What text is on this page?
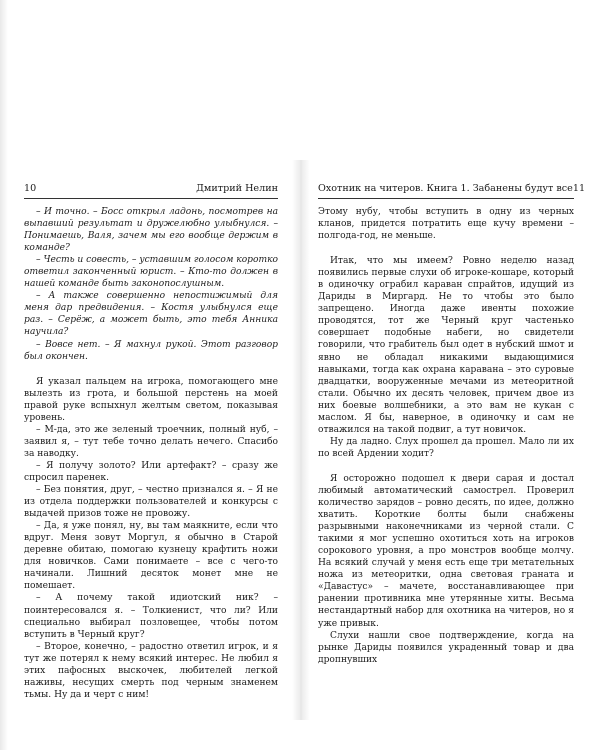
10	Дмитрий Нелин

– И точно. – Босс открыл ладонь, посмотрев на выпавший результат и дружелюбно улыбнулся. – Понимаешь, Валя, зачем мы его вообще держим в команде?

– Честь и совесть, – уставшим голосом коротко ответил законченный юрист. – Кто-то должен в нашей команде быть законопослушным.

– А также совершенно непостижимый для меня дар предвидения. – Костя улыбнулся еще раз. – Серёж, а может быть, это тебя Анника научила?

– Вовсе нет. – Я махнул рукой. Этот разговор был окончен.

Я указал пальцем на игрока, помогающего мне вылезть из грота, и большой перстень на моей правой руке вспыхнул желтым светом, показывая уровень.

– М-да, это же зеленый троечник, полный нуб, – заявил я, – тут тебе точно делать нечего. Спасибо за наводку.

– Я получу золото? Или артефакт? – сразу же спросил паренек.

– Без понятия, друг, – честно признался я. – Я не из отдела поддержки пользователей и конкурсы с выдачей призов тоже не провожу.

– Да, я уже понял, ну, вы там маякните, если что вдруг. Меня зовут Моргул, я обычно в Старой деревне обитаю, помогаю кузнецу крафтить ножи для новичков. Сами понимаете – все с чего-то начинали. Лишний десяток монет мне не помешает.

– А почему такой идиотский ник? – поинтересовался я. – Толкиенист, что ли? Или специально выбирал позловещее, чтобы потом вступить в Черный круг?

– Второе, конечно, – радостно ответил игрок, и я тут же потерял к нему всякий интерес. Не любил я этих пафосных выскочек, любителей легкой наживы, несущих смерть под черным знаменем тьмы. Ну да и черт с ним!

Охотник на читеров. Книга 1. Забанены будут все 11

Этому нубу, чтобы вступить в одну из черных кланов, придется потратить еще кучу времени – полгода-год, не меньше.

Итак, что мы имеем? Ровно неделю назад появились первые слухи об игроке-кошаре, который в одиночку ограбил караван спрайтов, идущий из Дариды в Миргард. Не то чтобы это было запрещено. Иногда даже ивенты похожие проводятся, тот же Черный круг частенько совершает подобные набеги, но свидетели говорили, что грабитель был одет в нубский шмот и явно не обладал никакими выдающимися навыками, тогда как охрана каравана – это суровые двадцатки, вооруженные мечами из метеоритной стали. Обычно их десять человек, причем двое из них боевые волшебники, а это вам не кукан с маслом. Я бы, наверное, в одиночку и сам не отважился на такой подвиг, а тут новичок.

Ну да ладно. Слух прошел да прошел. Мало ли их по всей Ардении ходит?

Я осторожно подошел к двери сарая и достал любимый автоматический самострел. Проверил количество зарядов – ровно десять, по идее, должно хватить. Короткие болты были снабжены разрывными наконечниками из черной стали. С такими я мог успешно охотиться хоть на игроков сорокового уровня, а про монстров вообще молчу. На всякий случай у меня есть еще три метательных ножа из метеоритки, одна световая граната и «Давастус» – мачете, восстанавливающее при ранении противника мне утерянные хиты. Весьма нестандартный набор для охотника на читеров, но я уже привык.

Слухи нашли свое подтверждение, когда на рынке Дариды появился украденный товар и два дропнувших
